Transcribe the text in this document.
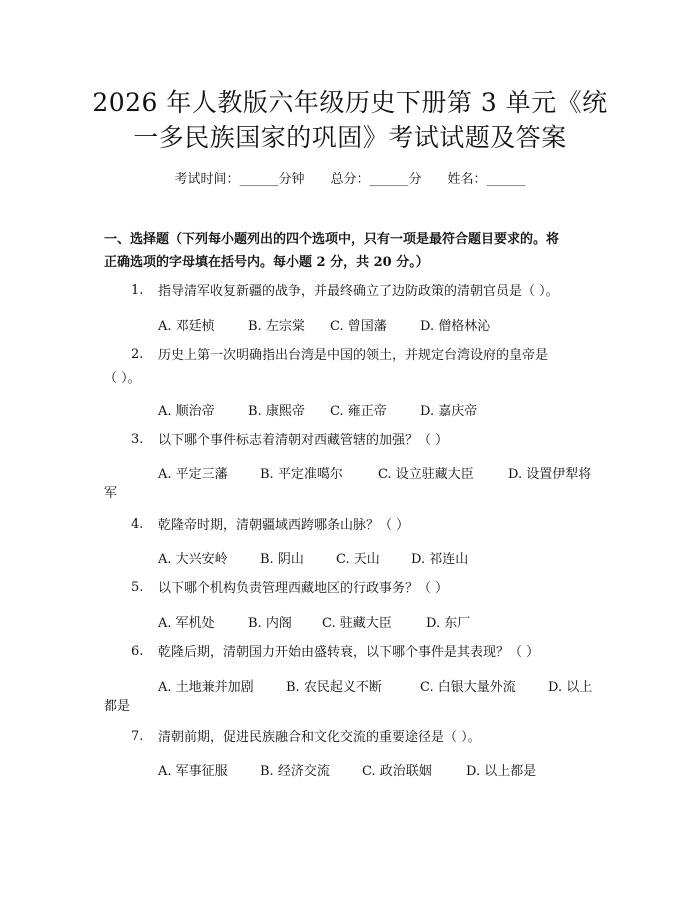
2026 年人教版六年级历史下册第 3 单元《统
一多民族国家的巩固》考试试题及答案
考试时间：______分钟 总分：______分 姓名：______
一、选择题（下列每小题列出的四个选项中，只有一项是最符合题目要求的。将
正确选项的字母填在括号内。每小题 2 分，共 20 分。）
1. 指导清军收复新疆的战争，并最终确立了边防政策的清朝官员是（ ）。
A. 邓廷桢	B. 左宗棠 C. 曾国藩	D. 僧格林沁
2. 历史上第一次明确指出台湾是中国的领土，并规定台湾设府的皇帝是
（ ）。
A. 顺治帝	B. 康熙帝 C. 雍正帝	D. 嘉庆帝
3. 以下哪个事件标志着清朝对西藏管辖的加强？（ ）
A. 平定三藩 B. 平定准噶尔	C. 设立驻藏大臣	D. 设置伊犁将
军
4. 乾隆帝时期，清朝疆域西跨哪条山脉？（ ）
A. 大兴安岭 B. 阴山 C. 天山 D. 祁连山
5. 以下哪个机构负责管理西藏地区的行政事务？（ ）
A. 军机处	B. 内阁 C. 驻藏大臣	D. 东厂
6. 乾隆后期，清朝国力开始由盛转衰，以下哪个事件是其表现？（ ）
A. 土地兼并加剧 B. 农民起义不断	C. 白银大量外流 D. 以上
都是
7. 清朝前期，促进民族融合和文化交流的重要途径是（ ）。
A. 军事征服 B. 经济交流 C. 政治联姻	D. 以上都是
